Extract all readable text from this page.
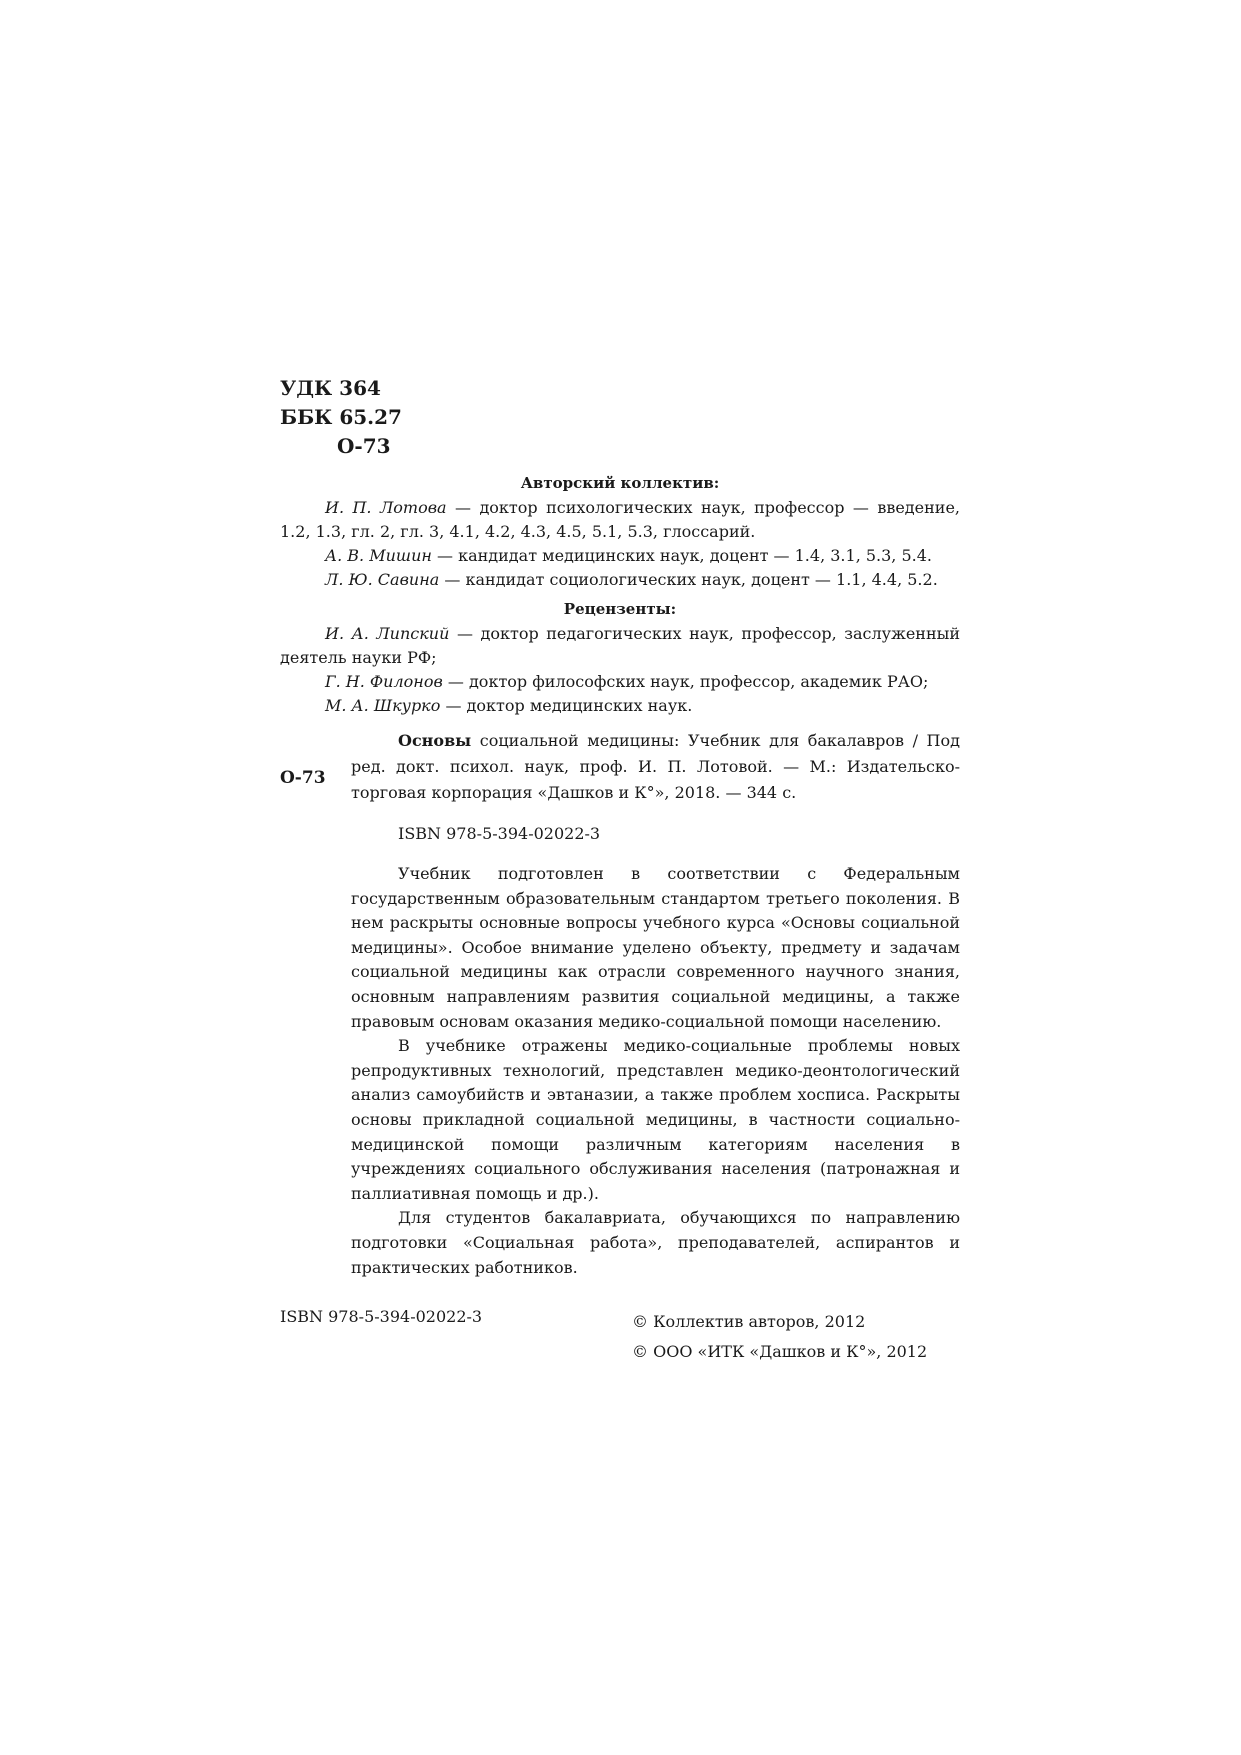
УДК 364
ББК 65.27
О-73
Авторский коллектив:
И. П. Лотова — доктор психологических наук, профессор — введение, 1.2, 1.3, гл. 2, гл. 3, 4.1, 4.2, 4.3, 4.5, 5.1, 5.3, глоссарий.
А. В. Мишин — кандидат медицинских наук, доцент — 1.4, 3.1, 5.3, 5.4.
Л. Ю. Савина — кандидат социологических наук, доцент — 1.1, 4.4, 5.2.
Рецензенты:
И. А. Липский — доктор педагогических наук, профессор, заслуженный деятель науки РФ;
Г. Н. Филонов — доктор философских наук, профессор, академик РАО;
М. А. Шкурко — доктор медицинских наук.
О-73
Основы социальной медицины: Учебник для бакалавров / Под ред. докт. психол. наук, проф. И. П. Лотовой. — М.: Издательско-торговая корпорация «Дашков и К°», 2018. — 344 с.
ISBN 978-5-394-02022-3

Учебник подготовлен в соответствии с Федеральным государственным образовательным стандартом третьего поколения. В нем раскрыты основные вопросы учебного курса «Основы социальной медицины». Особое внимание уделено объекту, предмету и задачам социальной медицины как отрасли современного научного знания, основным направлениям развития социальной медицины, а также правовым основам оказания медико-социальной помощи населению.

В учебнике отражены медико-социальные проблемы новых репродуктивных технологий, представлен медико-деонтологический анализ самоубийств и эвтаназии, а также проблем хосписа. Раскрыты основы прикладной социальной медицины, в частности социально-медицинской помощи различным категориям населения в учреждениях социального обслуживания населения (патронажная и паллиативная помощь и др.).

Для студентов бакалавриата, обучающихся по направлению подготовки «Социальная работа», преподавателей, аспирантов и практических работников.

ISBN 978-5-394-02022-3	© Коллектив авторов, 2012
© ООО «ИТК «Дашков и К°», 2012
